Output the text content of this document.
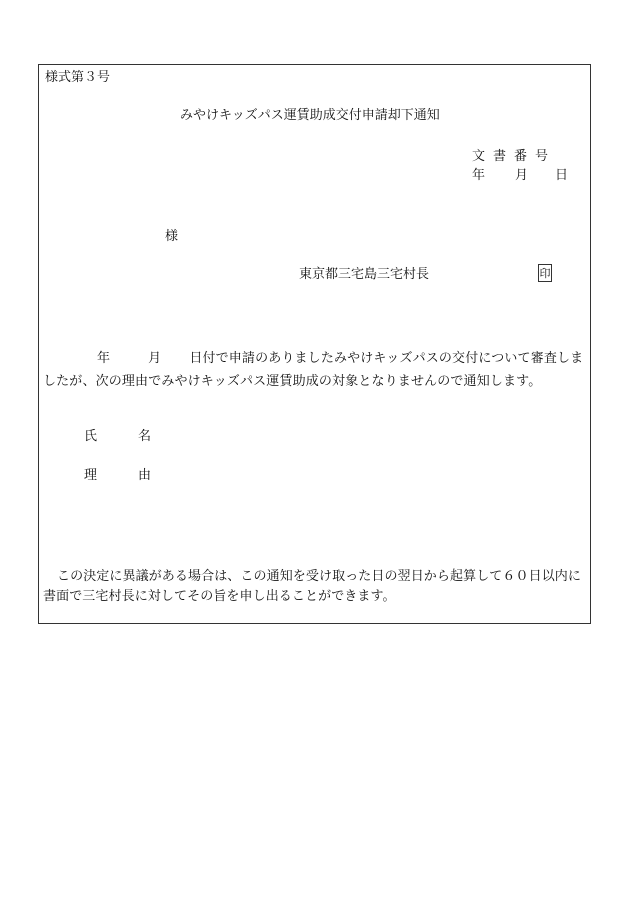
様式第３号
みやけキッズパス運賃助成交付申請却下通知
文書番号
年 月 日
様
東京都三宅島三宅村長	印
年	月 日付で申請のありましたみやけキッズパスの交付について審査しましたが、次の理由でみやけキッズパス運賃助成の対象となりませんので通知します。
氏	名
理	由
この決定に異議がある場合は、この通知を受け取った日の翌日から起算して６０日以内に書面で三宅村長に対してその旨を申し出ることができます。
